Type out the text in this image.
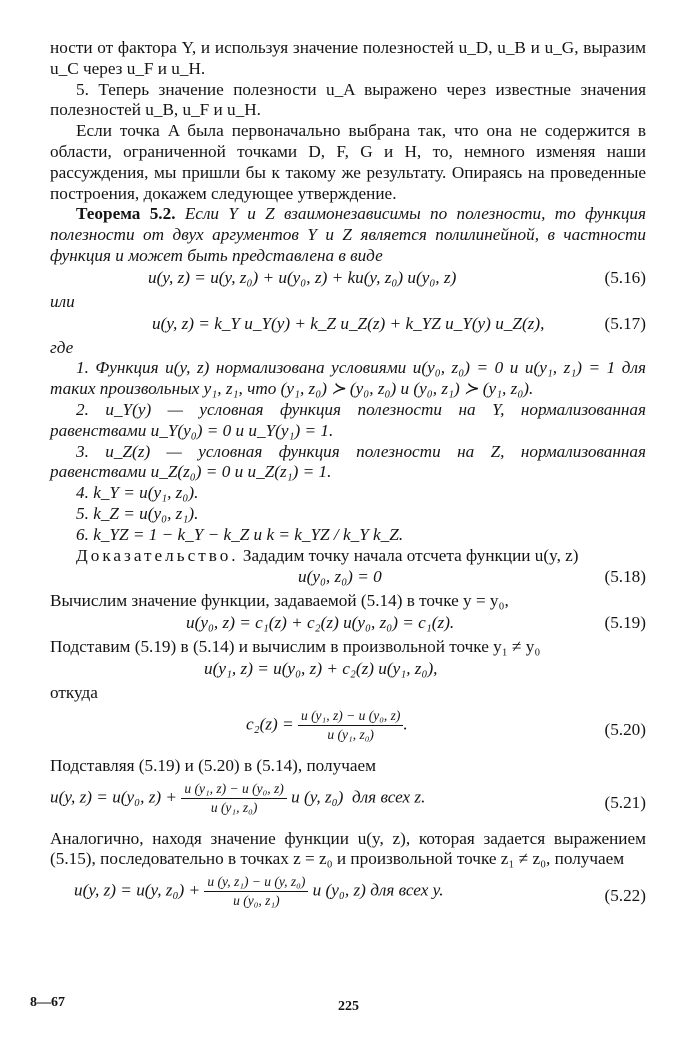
ности от фактора Y, и используя значение полезностей u_D, u_B и u_G, выразим u_C через u_F и u_H.

5. Теперь значение полезности u_A выражено через известные значения полезностей u_B, u_F и u_H.

Если точка A была первоначально выбрана так, что она не содержится в области, ограниченной точками D, F, G и H, то, немного изменяя наши рассуждения, мы пришли бы к такому же результату. Опираясь на проведенные построения, докажем следующее утверждение.

Теорема 5.2. Если Y и Z взаимонезависимы по полезности, то функция полезности от двух аргументов Y и Z является полилинейной, в частности функция u может быть представлена в виде

u(y, z) = u(y, z₀) + u(y₀, z) + ku(y, z₀) u(y₀, z)	(5.16)

или

u(y, z) = k_Y u_Y(y) + k_Z u_Z(z) + k_YZ u_Y(y) u_Z(z),	(5.17)

где

1. Функция u(y, z) нормализована условиями u(y₀, z₀) = 0 и u(y₁, z₁) = 1 для таких произвольных y₁, z₁, что (y₁, z₀) ≻ (y₀, z₀) и (y₀, z₁) ≻ (y₁, z₀).

2. u_Y(y) — условная функция полезности на Y, нормализованная равенствами u_Y(y₀) = 0 и u_Y(y₁) = 1.

3. u_Z(z) — условная функция полезности на Z, нормализованная равенствами u_Z(z₀) = 0 и u_Z(z₁) = 1.

4. k_Y = u(y₁, z₀).

5. k_Z = u(y₀, z₁).

6. k_YZ = 1 − k_Y − k_Z и k = k_YZ / k_Y k_Z.

Доказательство. Зададим точку начала отсчета функции u(y, z)

u(y₀, z₀) = 0	(5.18)

Вычислим значение функции, задаваемой (5.14) в точке y = y₀,

u(y₀, z) = c₁(z) + c₂(z) u(y₀, z₀) = c₁(z).	(5.19)

Подставим (5.19) в (5.14) и вычислим в произвольной точке y₁ ≠ y₀

u(y₁, z) = u(y₀, z) + c₂(z) u(y₁, z₀),

откуда

$c_2(z) = \frac{\text{u (y₁, z) − u (y₀, z)}}{\text{u (y₁, z₀)}}$ .	(5.20)

Подставляя (5.19) и (5.20) в (5.14), получаем

u(y, z) = u(y₀, $z) + \frac{\text{u (y₁, z) − u (y₀, z)}}{\text{u (y₁, z₀)}}$ u (y, z₀) для всех z.	(5.21)

Аналогично, находя значение функции u(y, z), которая задается выражением (5.15), последовательно в точках z = z₀ и произвольной точке z₁ ≠ z₀, получаем

u(y, z) = u(y, $z_0) + \frac{\text{u (y, z₁) − u (y, z₀)}}{\text{u (y₀, z₁)}}$ u (y₀, z) для всех y.	(5.22)
8—67	225
